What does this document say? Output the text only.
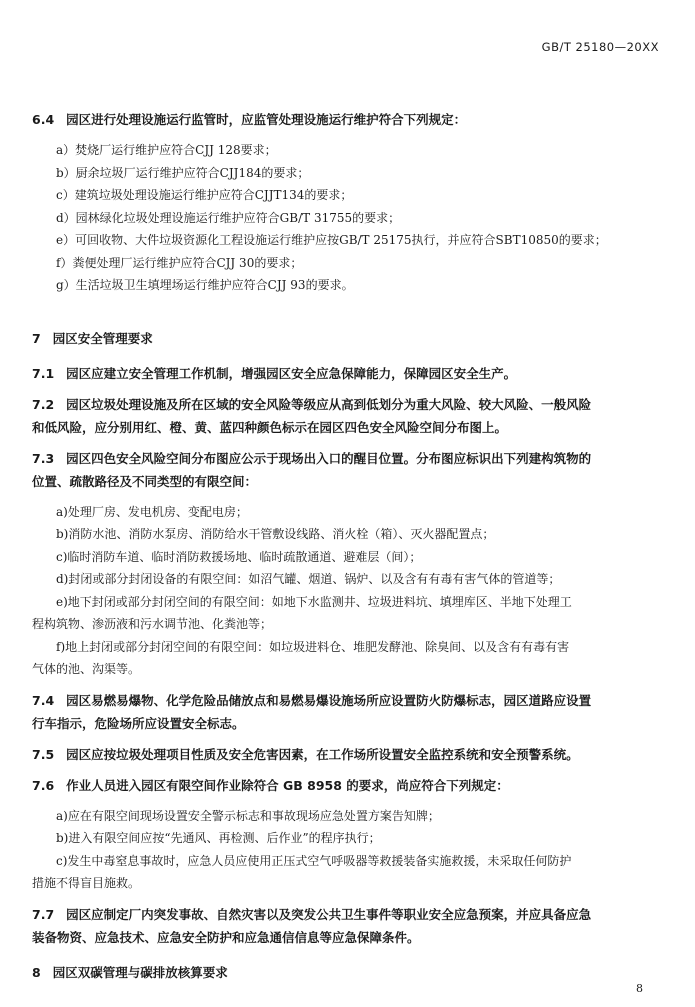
GB/T 25180—20XX
6.4 园区进行处理设施运行监管时，应监管处理设施运行维护符合下列规定：
a）焚烧厂运行维护应符合CJJ 128要求；
b）厨余垃圾厂运行维护应符合CJJ184的要求；
c）建筑垃圾处理设施运行维护应符合CJJT134的要求；
d）园林绿化垃圾处理设施运行维护应符合GB/T 31755的要求；
e）可回收物、大件垃圾资源化工程设施运行维护应按GB/T 25175执行，并应符合SBT10850的要求；
f）粪便处理厂运行维护应符合CJJ 30的要求；
g）生活垃圾卫生填埋场运行维护应符合CJJ 93的要求。
7 园区安全管理要求
7.1 园区应建立安全管理工作机制，增强园区安全应急保障能力，保障园区安全生产。
7.2 园区垃圾处理设施及所在区域的安全风险等级应从高到低划分为重大风险、较大风险、一般风险
和低风险，应分别用红、橙、黄、蓝四种颜色标示在园区四色安全风险空间分布图上。
7.3 园区四色安全风险空间分布图应公示于现场出入口的醒目位置。分布图应标识出下列建构筑物的
位置、疏散路径及不同类型的有限空间：
a)处理厂房、发电机房、变配电房；
b)消防水池、消防水泵房、消防给水干管敷设线路、消火栓（箱）、灭火器配置点；
c)临时消防车道、临时消防救援场地、临时疏散通道、避难层（间）；
d)封闭或部分封闭设备的有限空间：如沼气罐、烟道、锅炉、以及含有有毒有害气体的管道等；
e)地下封闭或部分封闭空间的有限空间：如地下水监测井、垃圾进料坑、填埋库区、半地下处理工
程构筑物、渗沥液和污水调节池、化粪池等；
f)地上封闭或部分封闭空间的有限空间：如垃圾进料仓、堆肥发酵池、除臭间、以及含有有毒有害
气体的池、沟渠等。
7.4 园区易燃易爆物、化学危险品储放点和易燃易爆设施场所应设置防火防爆标志，园区道路应设置
行车指示，危险场所应设置安全标志。
7.5 园区应按垃圾处理项目性质及安全危害因素，在工作场所设置安全监控系统和安全预警系统。
7.6 作业人员进入园区有限空间作业除符合 GB 8958 的要求，尚应符合下列规定：
a)应在有限空间现场设置安全警示标志和事故现场应急处置方案告知牌；
b)进入有限空间应按“先通风、再检测、后作业”的程序执行；
c)发生中毒窒息事故时，应急人员应使用正压式空气呼吸器等救援装备实施救援，未采取任何防护
措施不得盲目施救。
7.7 园区应制定厂内突发事故、自然灾害以及突发公共卫生事件等职业安全应急预案，并应具备应急
装备物资、应急技术、应急安全防护和应急通信信息等应急保障条件。
8 园区双碳管理与碳排放核算要求
8
